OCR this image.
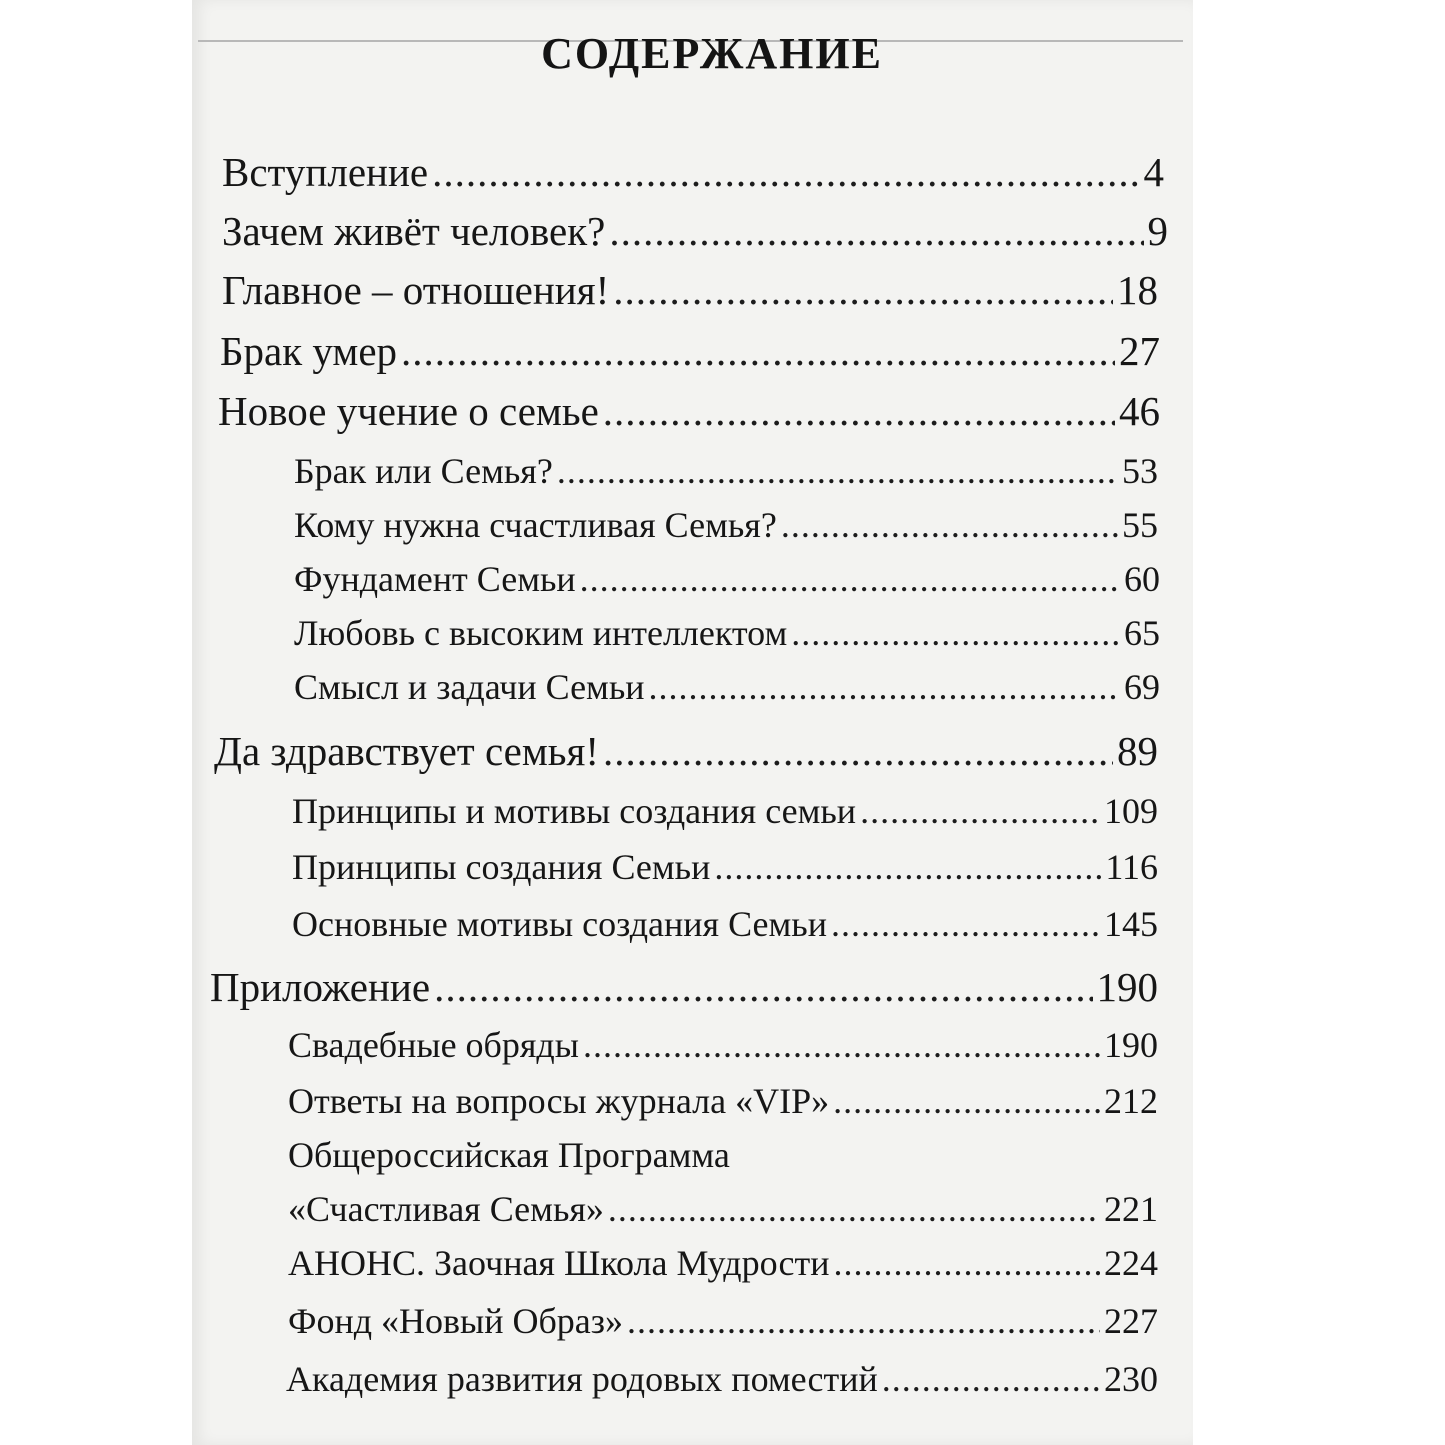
СОДЕРЖАНИЕ
Вступление .....	4
Зачем живёт человек? .....	9
Главное – отношения! .....	18
Брак умер .....	27
Новое учение о семье .....	46
Брак или Семья? .....	53
Кому нужна счастливая Семья? .....	55
Фундамент Семьи .....	60
Любовь с высоким интеллектом .....	65
Смысл и задачи Семьи .....	69
Да здравствует семья! .....	89
Принципы и мотивы создания семьи .....	109
Принципы создания Семьи .....	116
Основные мотивы создания Семьи .....	145
Приложение .....	190
Свадебные обряды .....	190
Ответы на вопросы журнала «VIP» .....	212
Общероссийская Программа
«Счастливая Семья» .....	221
АНОНС. Заочная Школа Мудрости .....	224
Фонд «Новый Образ» .....	227
Академия развития родовых поместий .....	230
